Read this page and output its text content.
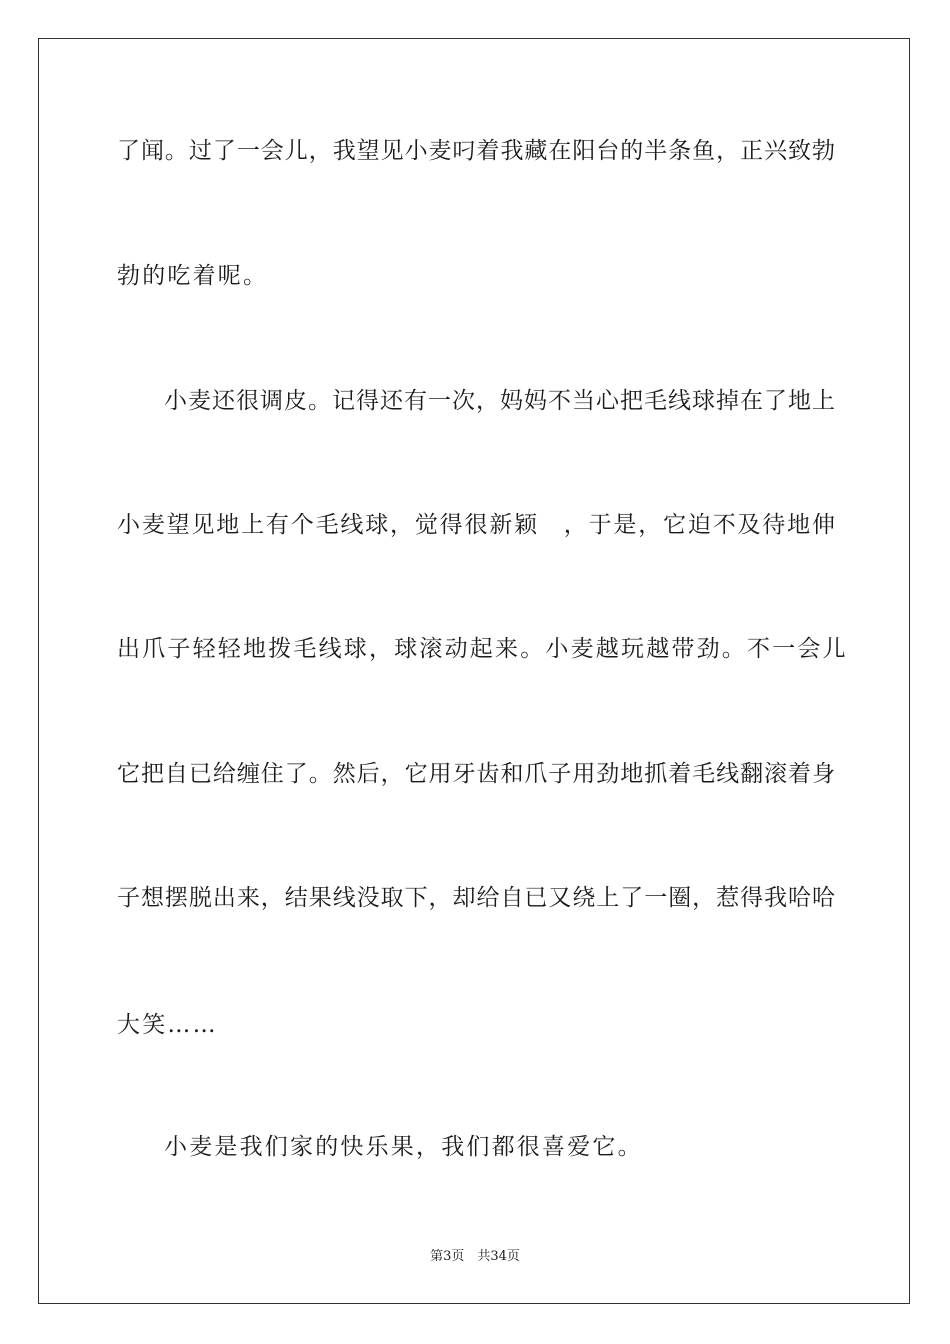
了闻。过了一会儿，我望见小麦叼着我藏在阳台的半条鱼，正兴致勃
勃的吃着呢。
小麦还很调皮。记得还有一次，妈妈不当心把毛线球掉在了地上
小麦望见地上有个毛线球，觉得很新颖　，于是，它迫不及待地伸
出爪子轻轻地拨毛线球，球滚动起来。小麦越玩越带劲。不一会儿
它把自已给缠住了。然后，它用牙齿和爪子用劲地抓着毛线翻滚着身
子想摆脱出来，结果线没取下，却给自已又绕上了一圈，惹得我哈哈
大笑……
小麦是我们家的快乐果，我们都很喜爱它。
第3页　共34页
